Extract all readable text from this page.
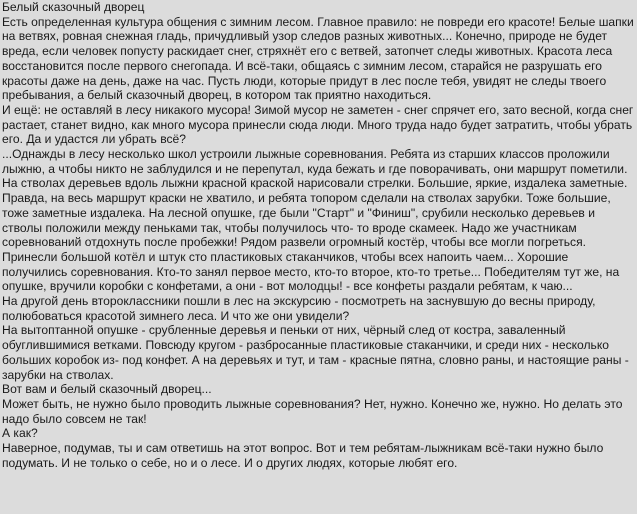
Белый сказочный дворец

Есть определенная культура общения с зимним лесом. Главное правило: не повреди его красоте! Белые шапки на ветвях, ровная снежная гладь, причудливый узор следов разных животных... Конечно, природе не будет вреда, если человек попусту раскидает снег, стряхнёт его с ветвей, затопчет следы животных. Красота леса восстановится после первого снегопада. И всё-таки, общаясь с зимним лесом, старайся не разрушать его красоты даже на день, даже на час. Пусть люди, которые придут в лес после тебя, увидят не следы твоего пребывания, а белый сказочный дворец, в котором так приятно находиться.

И ещё: не оставляй в лесу никакого мусора! Зимой мусор не заметен - снег спрячет его, зато весной, когда снег растает, станет видно, как много мусора принесли сюда люди. Много труда надо будет затратить, чтобы убрать его. Да и удастся ли убрать всё?

...Однажды в лесу несколько школ устроили лыжные соревнования. Ребята из старших классов проложили лыжню, а чтобы никто не заблудился и не перепутал, куда бежать и где поворачивать, они маршрут пометили. На стволах деревьев вдоль лыжни красной краской нарисовали стрелки. Большие, яркие, издалека заметные. Правда, на весь маршрут краски не хватило, и ребята топором сделали на стволах зарубки. Тоже большие, тоже заметные издалека. На лесной опушке, где были "Старт" и "Финиш", срубили несколько деревьев и стволы положили между пеньками так, чтобы получилось что- то вроде скамеек. Надо же участникам соревнований отдохнуть после пробежки! Рядом развели огромный костёр, чтобы все могли погреться. Принесли большой котёл и штук сто пластиковых стаканчиков, чтобы всех напоить чаем... Хорошие получились соревнования. Кто-то занял первое место, кто-то второе, кто-то третье... Победителям тут же, на опушке, вручили коробки с конфетами, а они - вот молодцы! - все конфеты раздали ребятам, к чаю...

На другой день второклассники пошли в лес на экскурсию - посмотреть на заснувшую до весны природу, полюбоваться красотой зимнего леса. И что же они увидели?

На вытоптанной опушке - срубленные деревья и пеньки от них, чёрный след от костра, заваленный обуглившимися ветками. Повсюду кругом - разбросанные пластиковые стаканчики, и среди них - несколько больших коробок из- под конфет. А на деревьях и тут, и там - красные пятна, словно раны, и настоящие раны - зарубки на стволах.

Вот вам и белый сказочный дворец...

Может быть, не нужно было проводить лыжные соревнования? Нет, нужно. Конечно же, нужно. Но делать это надо было совсем не так!

А как?

Наверное, подумав, ты и сам ответишь на этот вопрос. Вот и тем ребятам-лыжникам всё-таки нужно было подумать. И не только о себе, но и о лесе. И о других людях, которые любят его.
